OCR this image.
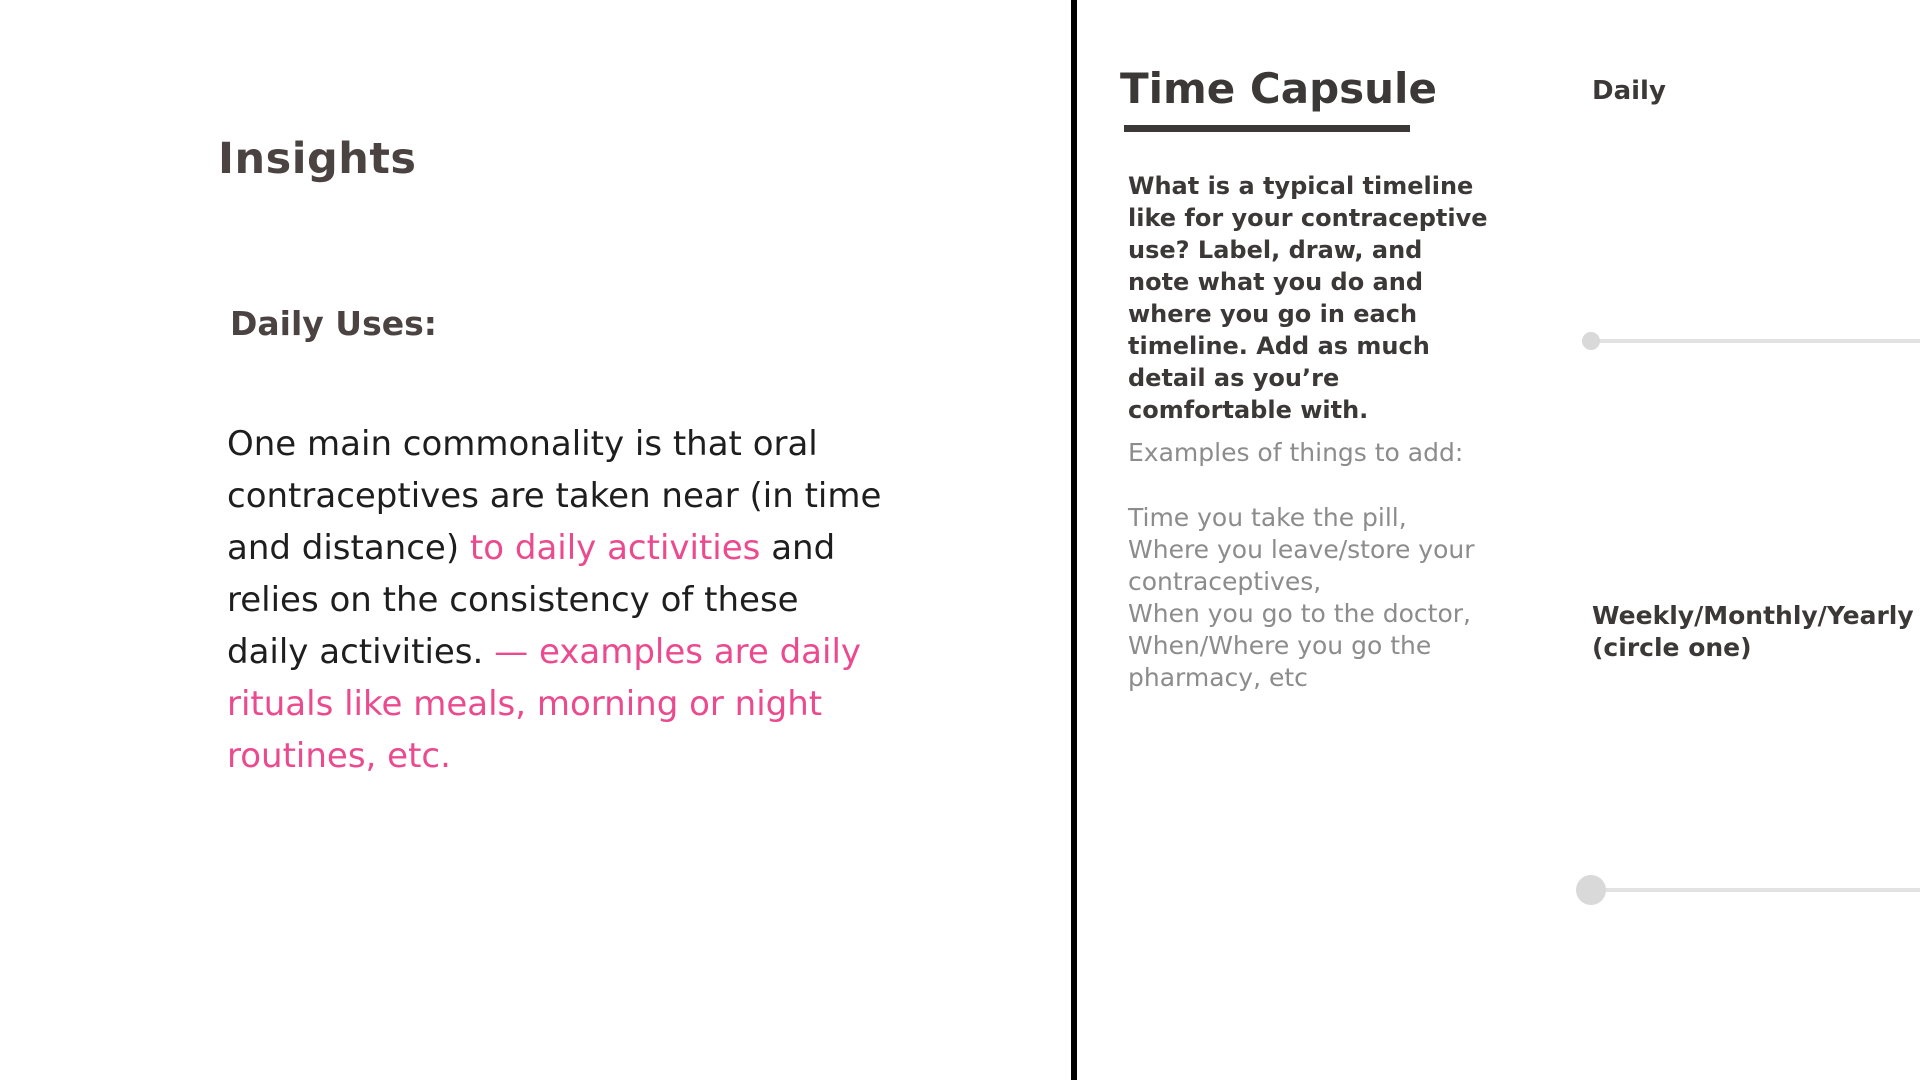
Insights
Daily Uses:

One main commonality is that oral contraceptives are taken near (in time and distance) to daily activities and relies on the consistency of these daily activities. — examples are daily rituals like meals, morning or night routines, etc.

Time Capsule

What is a typical timeline like for your contraceptive use? Label, draw, and note what you do and where you go in each timeline. Add as much detail as you’re comfortable with.

Examples of things to add:

Time you take the pill,
Where you leave/store your contraceptives,
When you go to the doctor,
When/Where you go the pharmacy, etc

Daily

Weekly/Monthly/Yearly (circle one)
